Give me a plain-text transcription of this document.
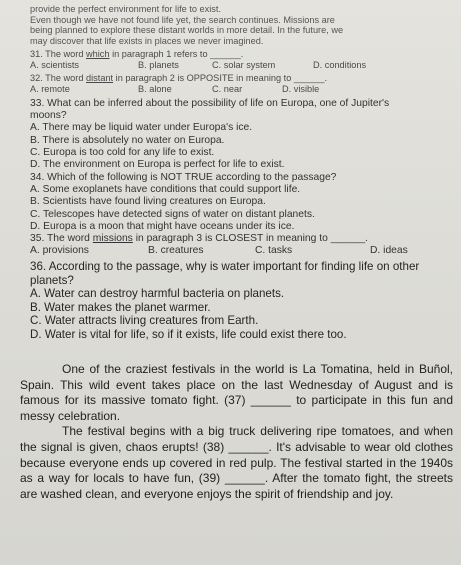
provide the perfect environment for life to exist.
Even though we have not found life yet, the search continues. Missions are
being planned to explore these distant worlds in more detail. In the future, we
may discover that life exists in places we never imagined.
31. The word which in paragraph 1 refers to ______.
A. scientists	B. planets	C. solar system	D. conditions
32. The word distant in paragraph 2 is OPPOSITE in meaning to ______.
A. remote	B. alone	C. near	D. visible
33. What can be inferred about the possibility of life on Europa, one of Jupiter's
moons?
A. There may be liquid water under Europa's ice.
B. There is absolutely no water on Europa.
C. Europa is too cold for any life to exist.
D. The environment on Europa is perfect for life to exist.
34. Which of the following is NOT TRUE according to the passage?
A. Some exoplanets have conditions that could support life.
B. Scientists have found living creatures on Europa.
C. Telescopes have detected signs of water on distant planets.
D. Europa is a moon that might have oceans under its ice.
35. The word missions in paragraph 3 is CLOSEST in meaning to ______.
A. provisions	B. creatures	C. tasks	D. ideas
36. According to the passage, why is water important for finding life on other
planets?
A. Water can destroy harmful bacteria on planets.
B. Water makes the planet warmer.
C. Water attracts living creatures from Earth.
D. Water is vital for life, so if it exists, life could exist there too.
One of the craziest festivals in the world is La Tomatina, held in Buñol, Spain. This wild event takes place on the last Wednesday of August and is famous for its massive tomato fight. (37) ______ to participate in this fun and messy celebration.
The festival begins with a big truck delivering ripe tomatoes, and when the signal is given, chaos erupts! (38) ______. It's advisable to wear old clothes because everyone ends up covered in red pulp. The festival started in the 1940s as a way for locals to have fun, (39) ______. After the tomato fight, the streets are washed clean, and everyone enjoys the spirit of friendship and joy.
